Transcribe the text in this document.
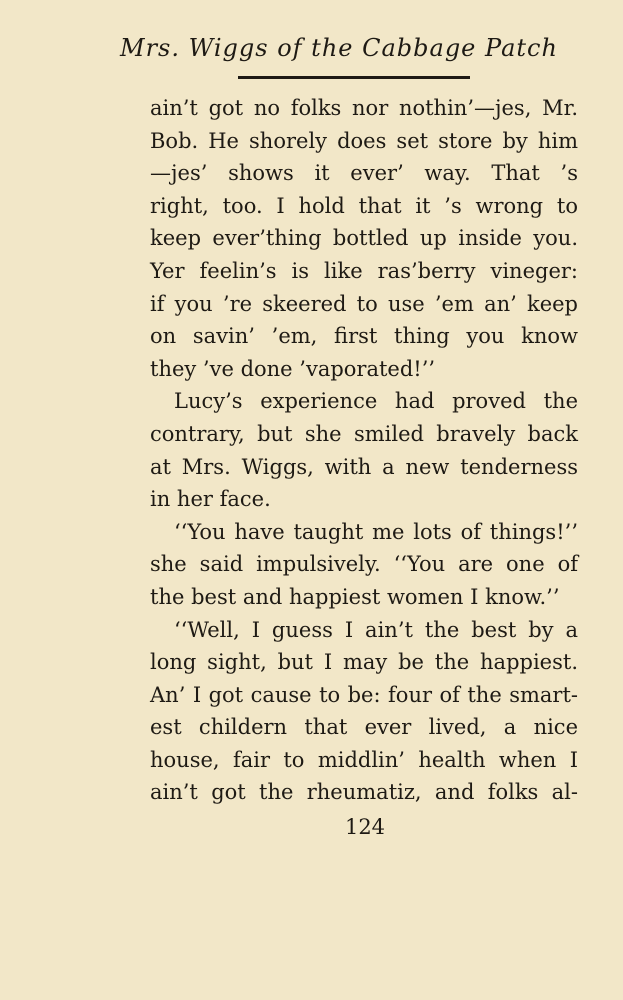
Mrs. Wiggs of the Cabbage Patch
ain’t got no folks nor nothin’—jes, Mr.
Bob. He shorely does set store by him
—jes’ shows it ever’ way. That ’s
right, too. I hold that it ’s wrong to
keep ever’thing bottled up inside you.
Yer feelin’s is like ras’berry vineger:
if you ’re skeered to use ’em an’ keep
on savin’ ’em, first thing you know
they ’ve done ’vaporated!’’
Lucy’s experience had proved the
contrary, but she smiled bravely back
at Mrs. Wiggs, with a new tenderness
in her face.
‘‘You have taught me lots of things!’’
she said impulsively. ‘‘You are one of
the best and happiest women I know.’’
‘‘Well, I guess I ain’t the best by a
long sight, but I may be the happiest.
An’ I got cause to be: four of the smart-
est childern that ever lived, a nice
house, fair to middlin’ health when I
ain’t got the rheumatiz, and folks al-
124
